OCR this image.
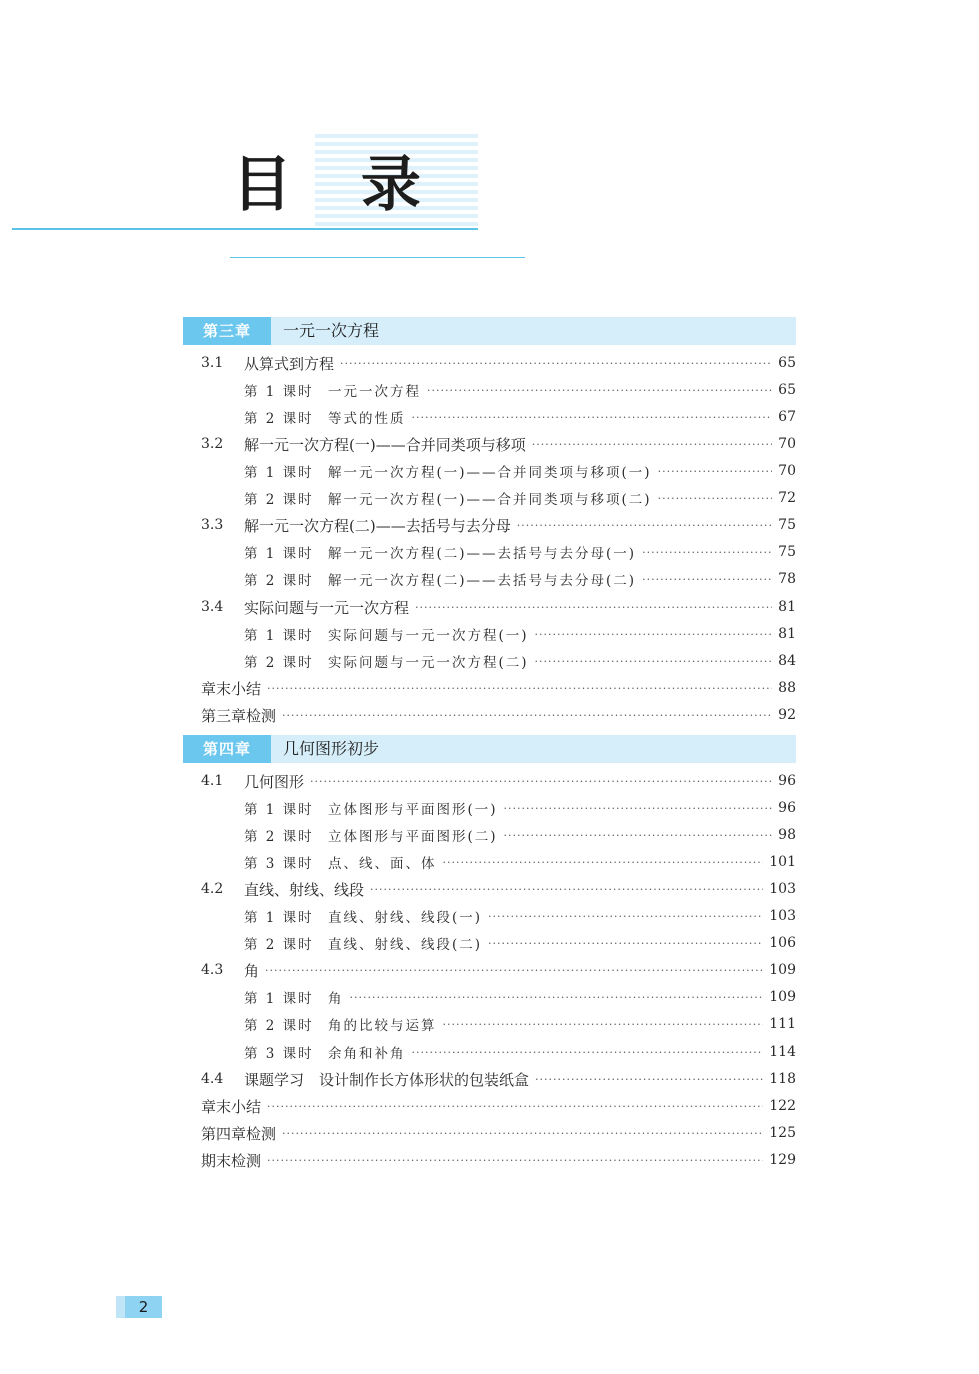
目 录
第三章	一元一次方程
3.1	从算式到方程 ·····	65
第 1 课时	一元一次方程 ·····	65
第 2 课时	等式的性质 ·····	67
3.2	解一元一次方程(一)——合并同类项与移项 ·····	70
第 1 课时	解一元一次方程(一)——合并同类项与移项(一) ·····	70
第 2 课时	解一元一次方程(一)——合并同类项与移项(二) ·····	72
3.3	解一元一次方程(二)——去括号与去分母 ·····	75
第 1 课时	解一元一次方程(二)——去括号与去分母(一) ·····	75
第 2 课时	解一元一次方程(二)——去括号与去分母(二) ·····	78
3.4	实际问题与一元一次方程 ·····	81
第 1 课时	实际问题与一元一次方程(一) ·····	81
第 2 课时	实际问题与一元一次方程(二) ·····	84
章末小结 ·····	88
第三章检测 ·····	92
第四章	几何图形初步
4.1	几何图形 ·····	96
第 1 课时	立体图形与平面图形(一) ·····	96
第 2 课时	立体图形与平面图形(二) ·····	98
第 3 课时	点、线、面、体 ·····	101
4.2	直线、射线、线段 ·····	103
第 1 课时	直线、射线、线段(一) ·····	103
第 2 课时	直线、射线、线段(二) ·····	106
4.3	角 ·····	109
第 1 课时	角 ·····	109
第 2 课时	角的比较与运算 ·····	111
第 3 课时	余角和补角 ·····	114
4.4	课题学习　设计制作长方体形状的包装纸盒 ·····	118
章末小结 ·····	122
第四章检测 ·····	125
期末检测 ·····	129
2
